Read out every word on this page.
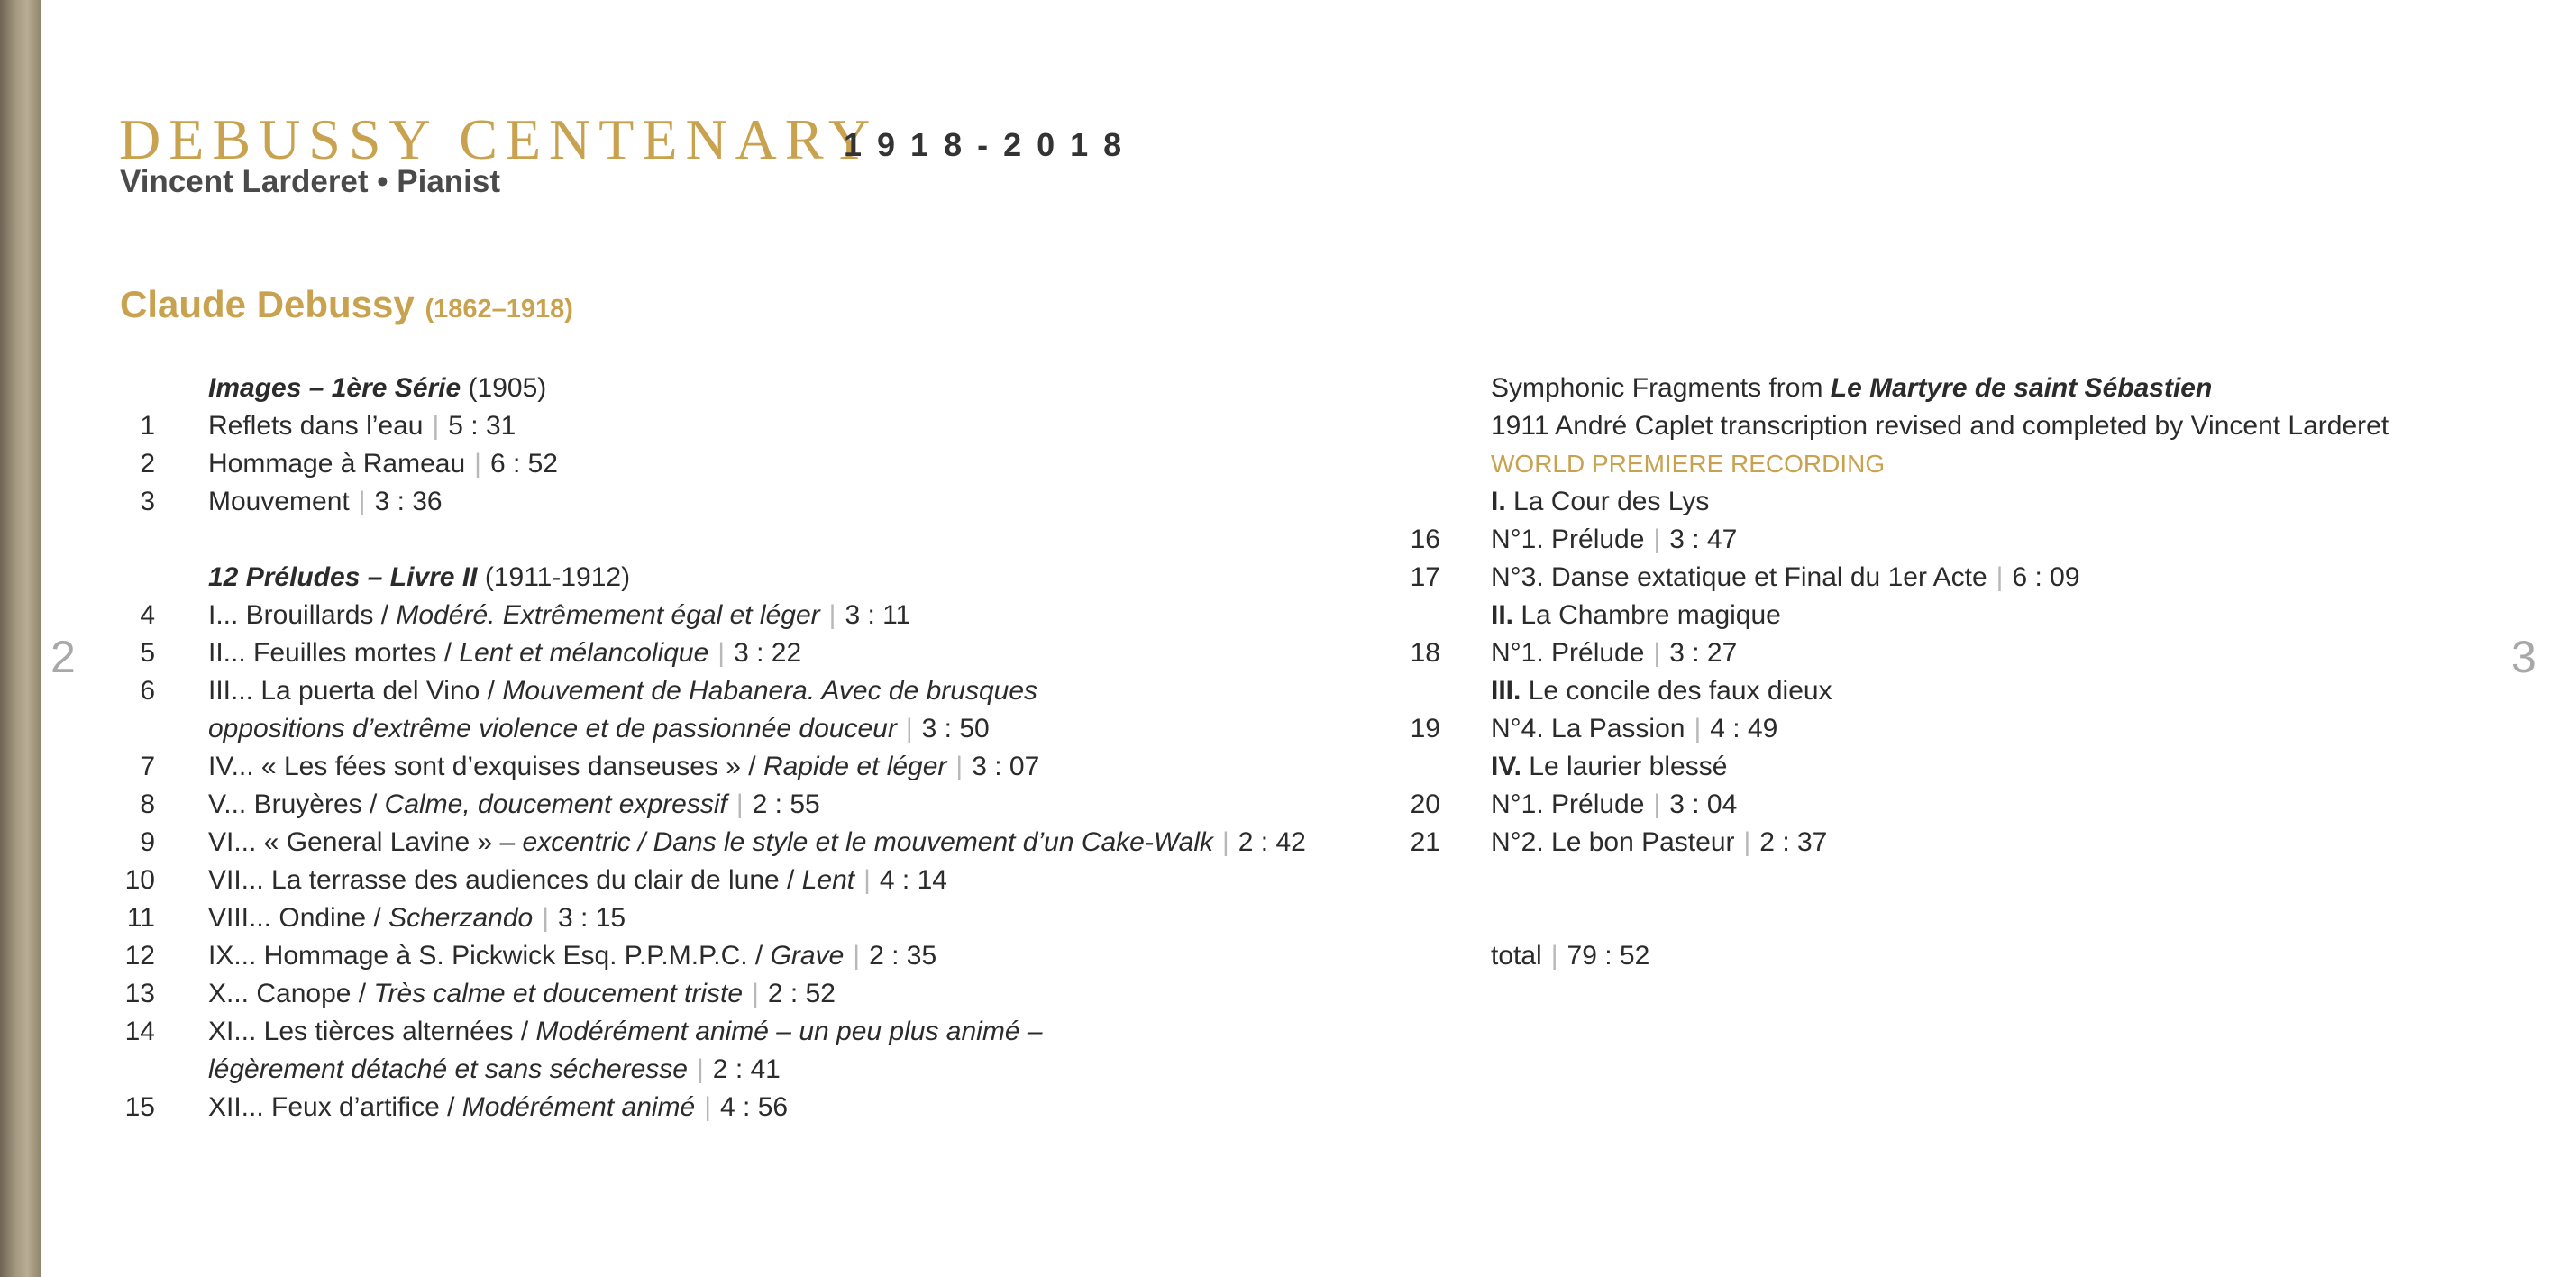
DEBUSSY CENTENARY
1918-2018
Vincent Larderet • Pianist
Claude Debussy (1862–1918)
2	3
Images – 1ère Série (1905)
1 Reflets dans l’eau | 5 : 31
2 Hommage à Rameau | 6 : 52
3 Mouvement | 3 : 36
12 Préludes – Livre II (1911-1912)
4 I... Brouillards / Modéré. Extrêmement égal et léger | 3 : 11
5 II... Feuilles mortes / Lent et mélancolique | 3 : 22
6 III... La puerta del Vino / Mouvement de Habanera. Avec de brusques
oppositions d’extrême violence et de passionnée douceur | 3 : 50
7 IV... « Les fées sont d’exquises danseuses » / Rapide et léger | 3 : 07
8 V... Bruyères / Calme, doucement expressif | 2 : 55
9 VI... « General Lavine » – excentric / Dans le style et le mouvement d’un Cake-Walk | 2 : 42
10 VII... La terrasse des audiences du clair de lune / Lent | 4 : 14
11 VIII... Ondine / Scherzando | 3 : 15
12 IX... Hommage à S. Pickwick Esq. P.P.M.P.C. / Grave | 2 : 35
13 X... Canope / Très calme et doucement triste | 2 : 52
14 XI... Les tièrces alternées / Modérément animé – un peu plus animé –
légèrement détaché et sans sécheresse | 2 : 41
15 XII... Feux d’artifice / Modérément animé | 4 : 56
Symphonic Fragments from Le Martyre de saint Sébastien
1911 André Caplet transcription revised and completed by Vincent Larderet
WORLD PREMIERE RECORDING
I. La Cour des Lys
16 N°1. Prélude | 3 : 47
17 N°3. Danse extatique et Final du 1er Acte | 6 : 09
II. La Chambre magique
18 N°1. Prélude | 3 : 27
III. Le concile des faux dieux
19 N°4. La Passion | 4 : 49
IV. Le laurier blessé
20 N°1. Prélude | 3 : 04
21 N°2. Le bon Pasteur | 2 : 37
total | 79 : 52
